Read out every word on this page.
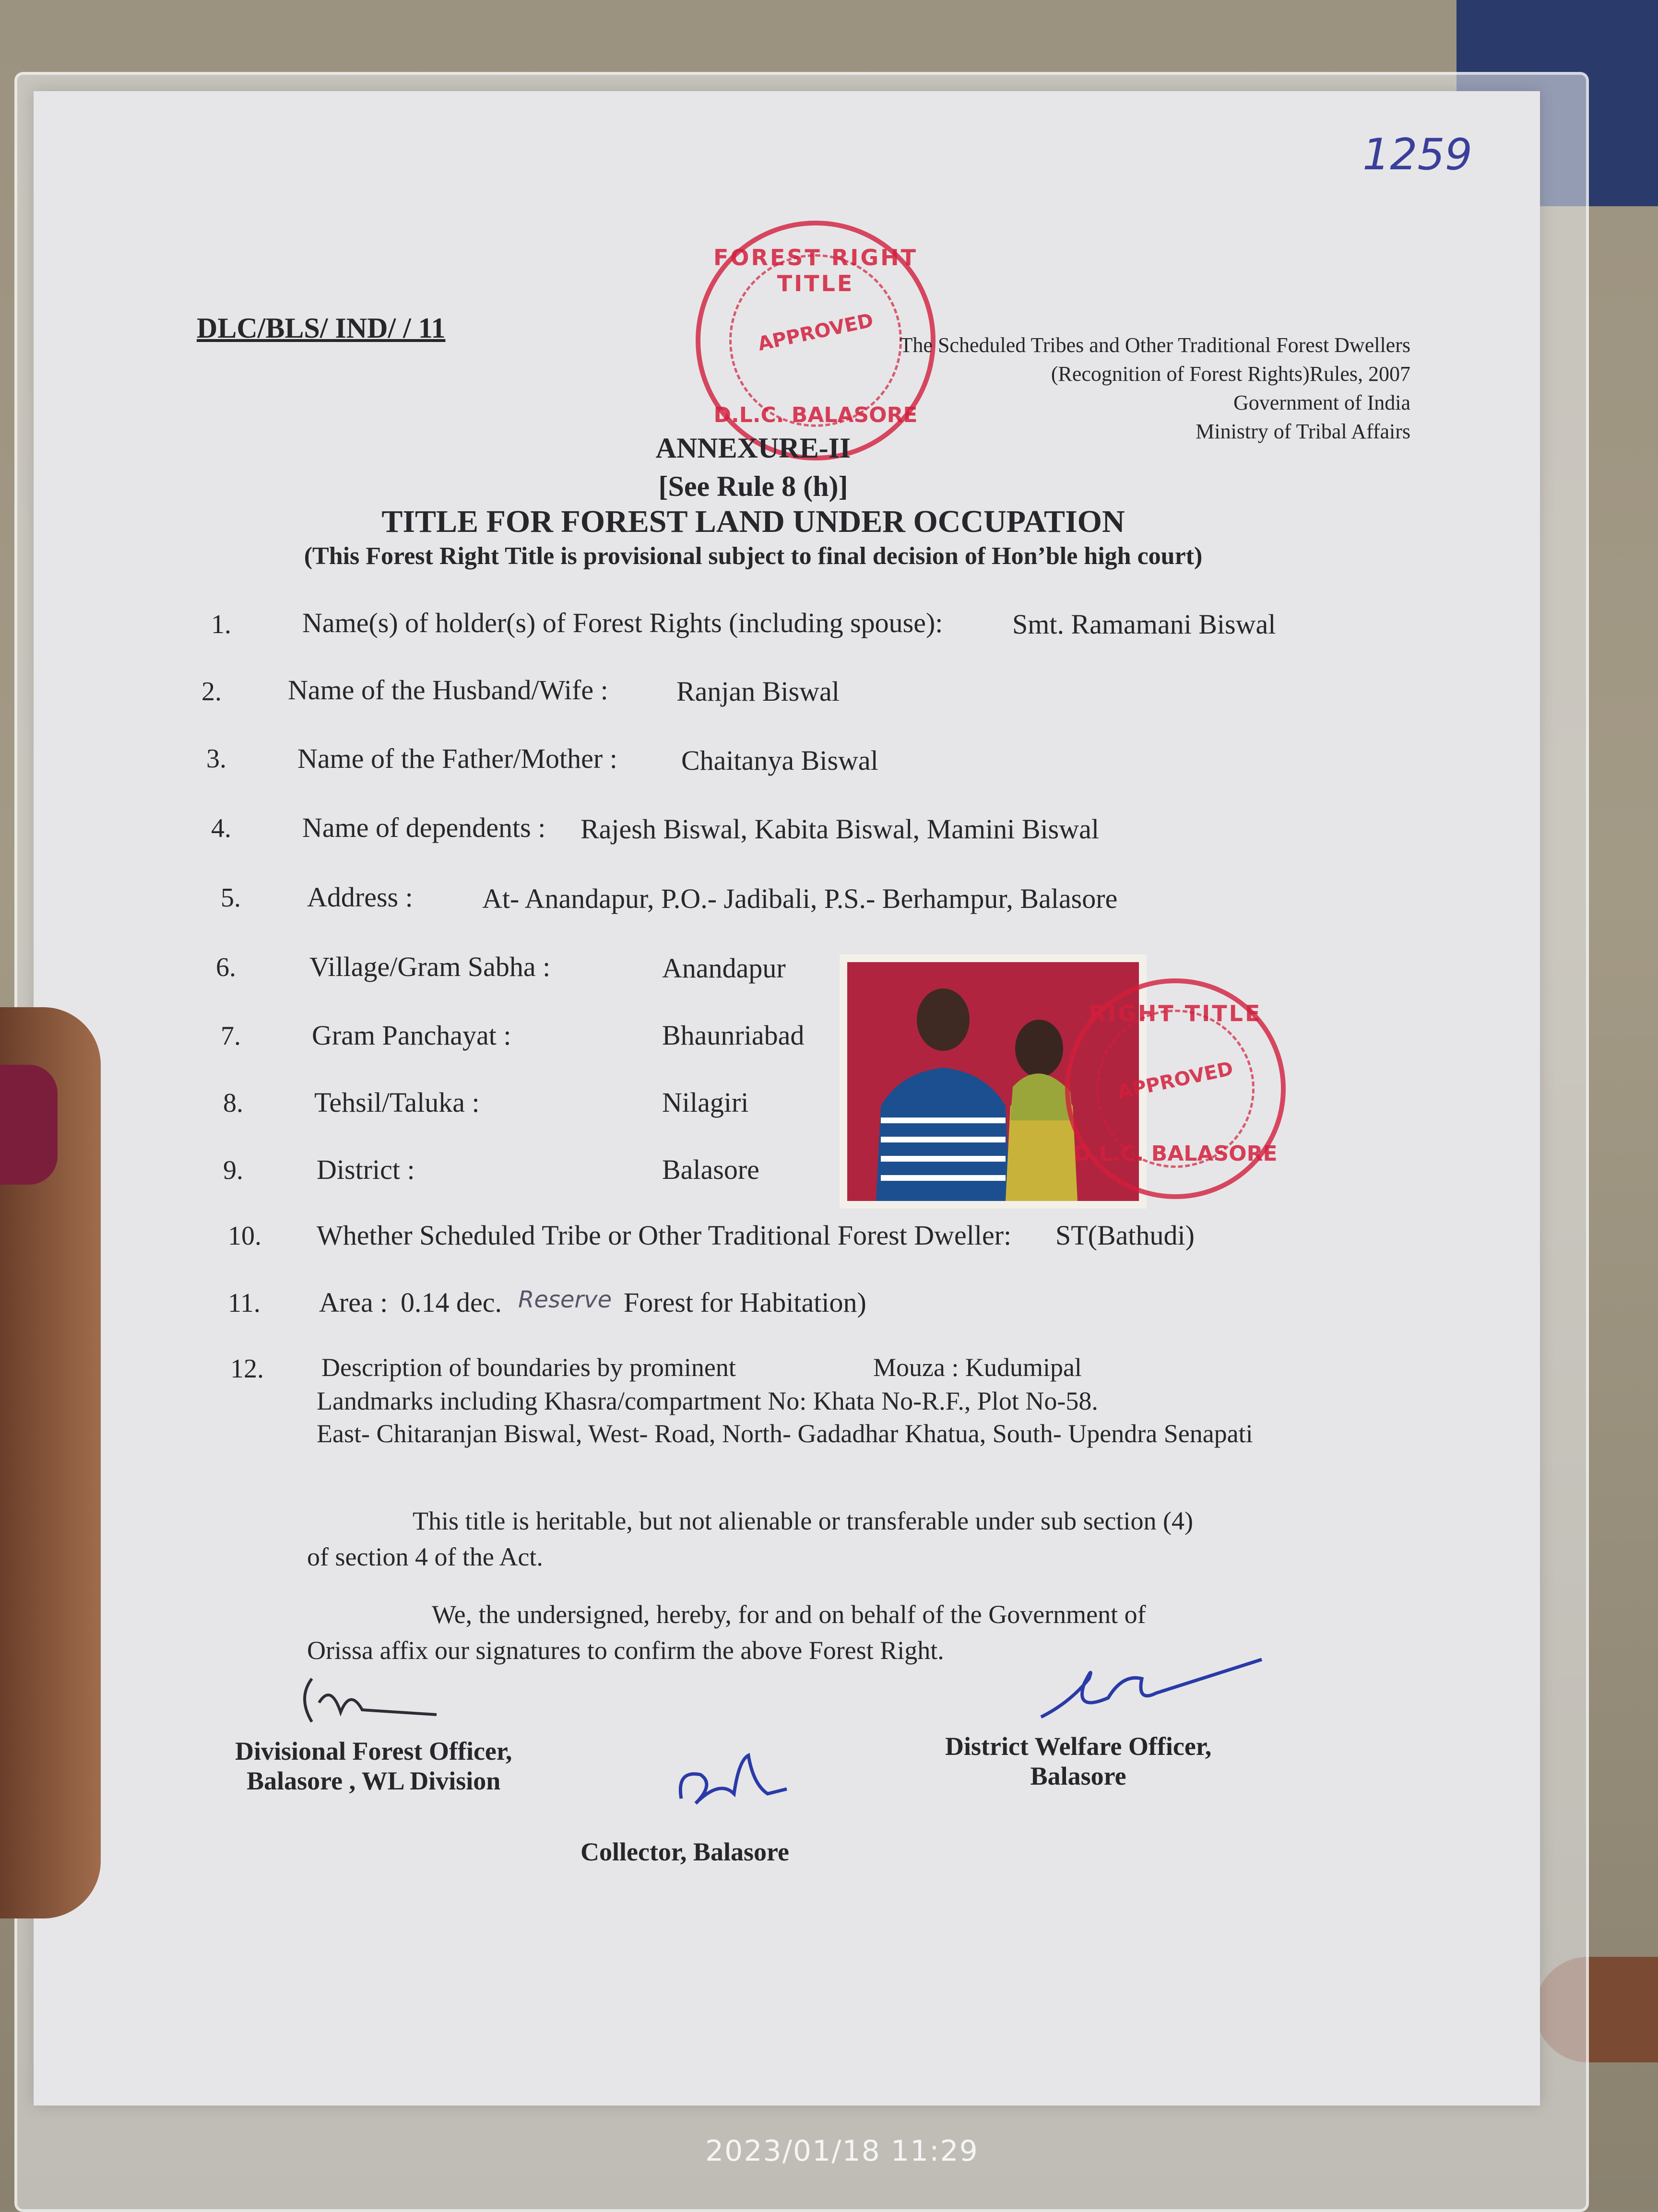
1259
DLC/BLS/ IND/ / 11
FOREST RIGHT TITLE
APPROVED
D.L.C. BALASORE
The Scheduled Tribes and Other Traditional Forest Dwellers
(Recognition of Forest Rights)Rules, 2007
Government of India
Ministry of Tribal Affairs
ANNEXURE-II
[See Rule 8 (h)]
TITLE FOR FOREST LAND UNDER OCCUPATION
(This Forest Right Title is provisional subject to final decision of Hon’ble high court)
1.	Name(s) of holder(s) of Forest Rights (including spouse): Smt. Ramamani Biswal
2. Name of the Husband/Wife : Ranjan Biswal
3.	Name of the Father/Mother : Chaitanya Biswal
4.	Name of dependents : Rajesh Biswal, Kabita Biswal, Mamini Biswal
5. Address : At- Anandapur, P.O.- Jadibali, P.S.- Berhampur, Balasore
6.	Village/Gram Sabha :	Anandapur
7.	Gram Panchayat :	Bhaunriabad
8.	Tehsil/Taluka :	Nilagiri
9.	District :	Balasore
RIGHT TITLE
APPROVED
D.L.C. BALASORE
10. Whether Scheduled Tribe or Other Traditional Forest Dweller: ST(Bathudi)
11. Area : 0.14 dec. Reserve Forest for Habitation)
12. Description of boundaries by prominent	Mouza : Kudumipal
Landmarks including Khasra/compartment No: Khata No-R.F., Plot No-58.
East- Chitaranjan Biswal, West- Road, North- Gadadhar Khatua, South- Upendra Senapati
This title is heritable, but not alienable or transferable under sub section (4)
of section 4 of the Act.
We, the undersigned, hereby, for and on behalf of the Government of
Orissa affix our signatures to confirm the above Forest Right.
Divisional Forest Officer,
Balasore , WL Division
District Welfare Officer,
Balasore
Collector, Balasore
2023/01/18 11:29
